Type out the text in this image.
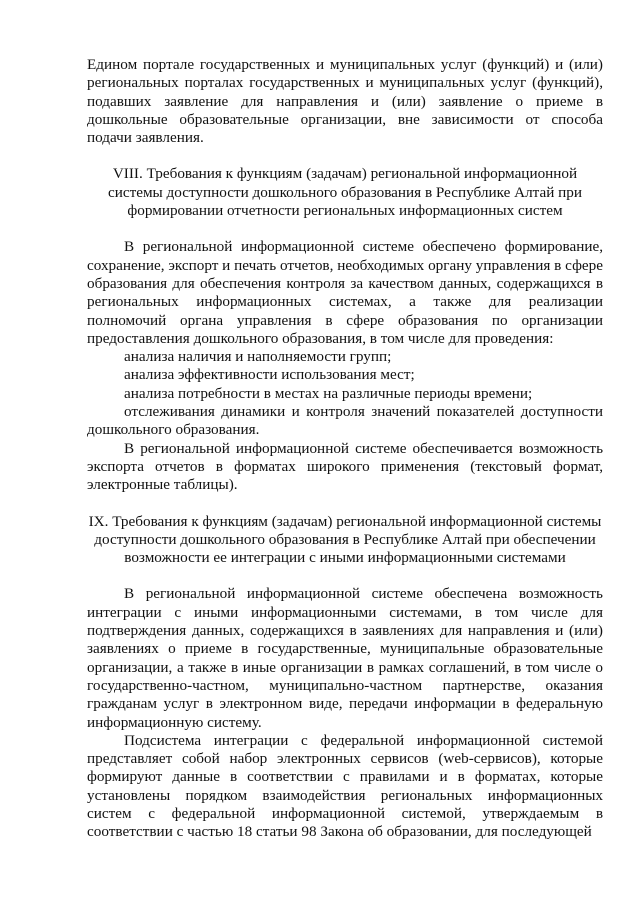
Едином портале государственных и муниципальных услуг (функций) и (или) региональных порталах государственных и муниципальных услуг (функций), подавших заявление для направления и (или) заявление о приеме в дошкольные образовательные организации, вне зависимости от способа подачи заявления.

VIII. Требования к функциям (задачам) региональной информационной системы доступности дошкольного образования в Республике Алтай при формировании отчетности региональных информационных систем

В региональной информационной системе обеспечено формирование, сохранение, экспорт и печать отчетов, необходимых органу управления в сфере образования для обеспечения контроля за качеством данных, содержащихся в региональных информационных системах, а также для реализации полномочий органа управления в сфере образования по организации предоставления дошкольного образования, в том числе для проведения:

анализа наличия и наполняемости групп;

анализа эффективности использования мест;

анализа потребности в местах на различные периоды времени;

отслеживания динамики и контроля значений показателей доступности дошкольного образования.

В региональной информационной системе обеспечивается возможность экспорта отчетов в форматах широкого применения (текстовый формат, электронные таблицы).

IX. Требования к функциям (задачам) региональной информационной системы доступности дошкольного образования в Республике Алтай при обеспечении возможности ее интеграции с иными информационными системами

В региональной информационной системе обеспечена возможность интеграции с иными информационными системами, в том числе для подтверждения данных, содержащихся в заявлениях для направления и (или) заявлениях о приеме в государственные, муниципальные образовательные организации, а также в иные организации в рамках соглашений, в том числе о государственно-частном, муниципально-частном партнерстве, оказания гражданам услуг в электронном виде, передачи информации в федеральную информационную систему.

Подсистема интеграции с федеральной информационной системой представляет собой набор электронных сервисов (web-сервисов), которые формируют данные в соответствии с правилами и в форматах, которые установлены порядком взаимодействия региональных информационных систем с федеральной информационной системой, утверждаемым в соответствии с частью 18 статьи 98 Закона об образовании, для последующей
